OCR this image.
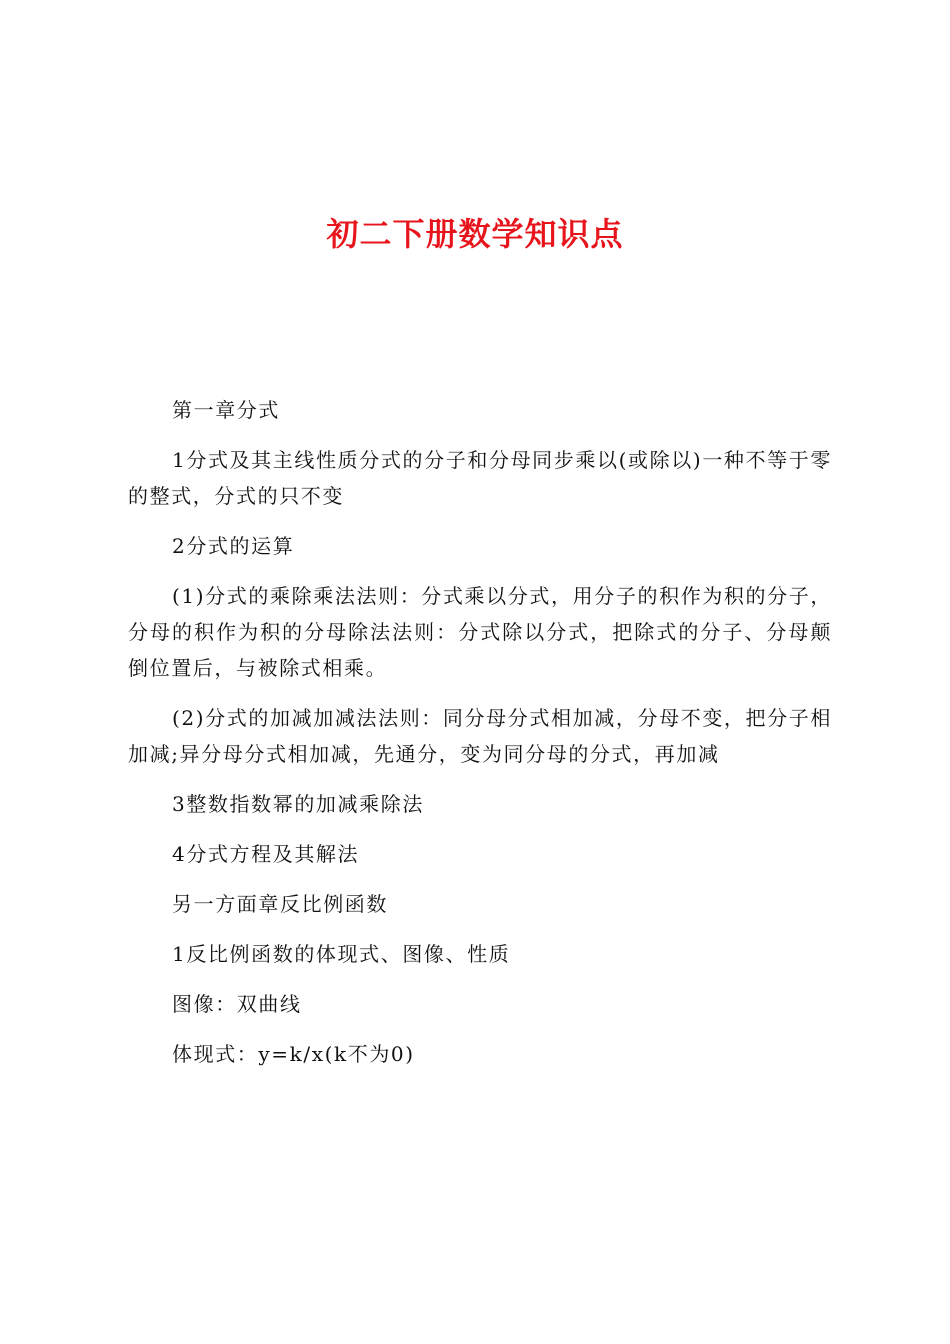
初二下册数学知识点

第一章分式

1分式及其主线性质分式的分子和分母同步乘以(或除以)一种不等于零的整式，分式的只不变

2分式的运算

(1)分式的乘除乘法法则：分式乘以分式，用分子的积作为积的分子，分母的积作为积的分母除法法则：分式除以分式，把除式的分子、分母颠倒位置后，与被除式相乘。

(2)分式的加减加减法法则：同分母分式相加减，分母不变，把分子相加减;异分母分式相加减，先通分，变为同分母的分式，再加减

3整数指数幂的加减乘除法

4分式方程及其解法

另一方面章反比例函数

1反比例函数的体现式、图像、性质

图像：双曲线

体现式：y=k/x(k不为0)
